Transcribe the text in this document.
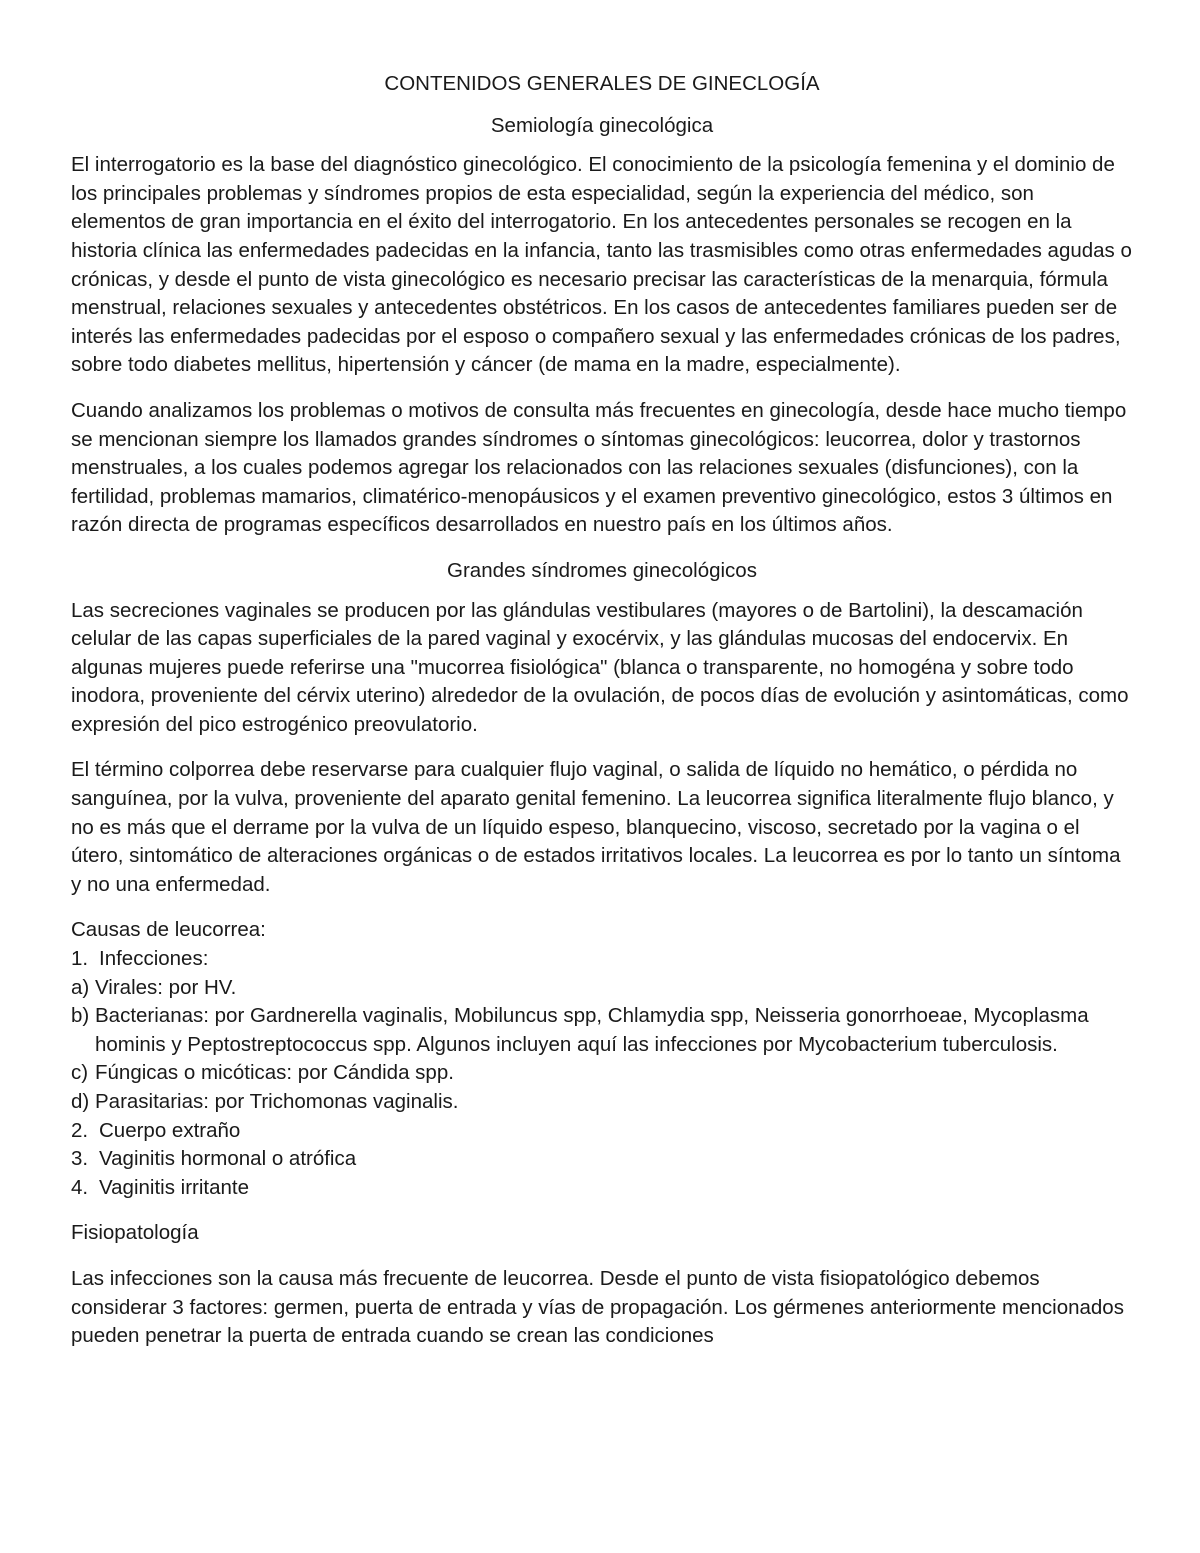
CONTENIDOS GENERALES DE GINECLOGÍA
Semiología ginecológica

El interrogatorio es la base del diagnóstico ginecológico. El conocimiento de la psicología femenina y el dominio de los principales problemas y síndromes propios de esta especialidad, según la experiencia del médico, son elementos de gran importancia en el éxito del interrogatorio. En los antecedentes personales se recogen en la historia clínica las enfermedades padecidas en la infancia, tanto las trasmisibles como otras enfermedades agudas o crónicas, y desde el punto de vista ginecológico es necesario precisar las características de la menarquia, fórmula menstrual, relaciones sexuales y antecedentes obstétricos. En los casos de antecedentes familiares pueden ser de interés las enfermedades padecidas por el esposo o compañero sexual y las enfermedades crónicas de los padres, sobre todo diabetes mellitus, hipertensión y cáncer (de mama en la madre, especialmente).

Cuando analizamos los problemas o motivos de consulta más frecuentes en ginecología, desde hace mucho tiempo se mencionan siempre los llamados grandes síndromes o síntomas ginecológicos: leucorrea, dolor y trastornos menstruales, a los cuales podemos agregar los relacionados con las relaciones sexuales (disfunciones), con la fertilidad, problemas mamarios, climatérico-menopáusicos y el examen preventivo ginecológico, estos 3 últimos en razón directa de programas específicos desarrollados en nuestro país en los últimos años.

Grandes síndromes ginecológicos

Las secreciones vaginales se producen por las glándulas vestibulares (mayores o de Bartolini), la descamación celular de las capas superficiales de la pared vaginal y exocérvix, y las glándulas mucosas del endocervix. En algunas mujeres puede referirse una "mucorrea fisiológica" (blanca o transparente, no homogéna y sobre todo inodora, proveniente del cérvix uterino) alrededor de la ovulación, de pocos días de evolución y asintomáticas, como expresión del pico estrogénico preovulatorio.

El término colporrea debe reservarse para cualquier flujo vaginal, o salida de líquido no hemático, o pérdida no sanguínea, por la vulva, proveniente del aparato genital femenino. La leucorrea significa literalmente flujo blanco, y no es más que el derrame por la vulva de un líquido espeso, blanquecino, viscoso, secretado por la vagina o el útero, sintomático de alteraciones orgánicas o de estados irritativos locales. La leucorrea es por lo tanto un síntoma y no una enfermedad.

Causas de leucorrea:
1. Infecciones:
a) Virales: por HV.
b) Bacterianas: por Gardnerella vaginalis, Mobiluncus spp, Chlamydia spp, Neisseria gonorrhoeae, Mycoplasma hominis y Peptostreptococcus spp. Algunos incluyen aquí las infecciones por Mycobacterium tuberculosis.
c) Fúngicas o micóticas: por Cándida spp.
d) Parasitarias: por Trichomonas vaginalis.
2. Cuerpo extraño
3. Vaginitis hormonal o atrófica
4. Vaginitis irritante

Fisiopatología

Las infecciones son la causa más frecuente de leucorrea. Desde el punto de vista fisiopatológico debemos considerar 3 factores: germen, puerta de entrada y vías de propagación. Los gérmenes anteriormente mencionados pueden penetrar la puerta de entrada cuando se crean las condiciones
